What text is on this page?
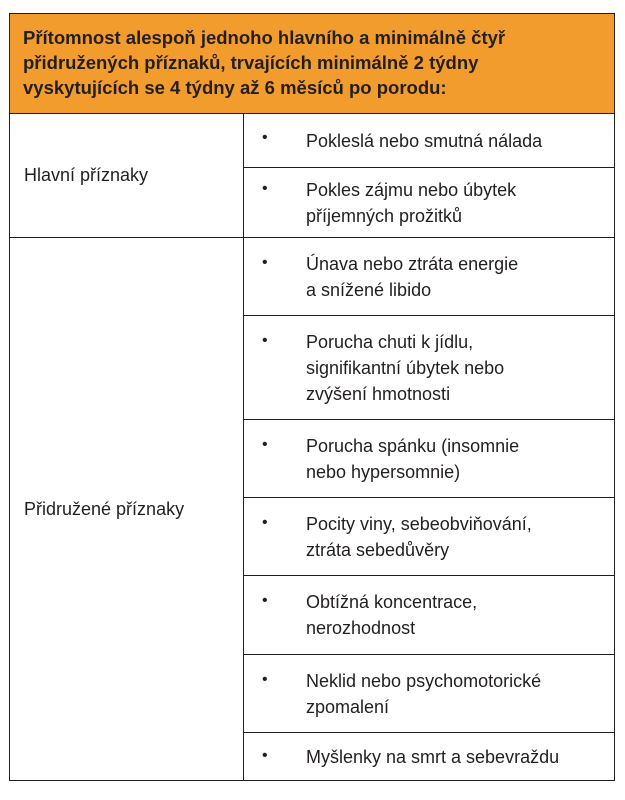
Přítomnost alespoň jednoho hlavního a minimálně čtyř
přidružených příznaků, trvajících minimálně 2 týdny
vyskytujících se 4 týdny až 6 měsíců po porodu:
Hlavní příznaky
•	Pokleslá nebo smutná nálada
•	Pokles zájmu nebo úbytek
příjemných prožitků
Přidružené příznaky
•	Únava nebo ztráta energie
a snížené libido
•	Porucha chuti k jídlu,
signifikantní úbytek nebo
zvýšení hmotnosti
•	Porucha spánku (insomnie
nebo hypersomnie)
•	Pocity viny, sebeobviňování,
ztráta sebedůvěry
•	Obtížná koncentrace,
nerozhodnost
•	Neklid nebo psychomotorické
zpomalení
•	Myšlenky na smrt a sebevraždu
